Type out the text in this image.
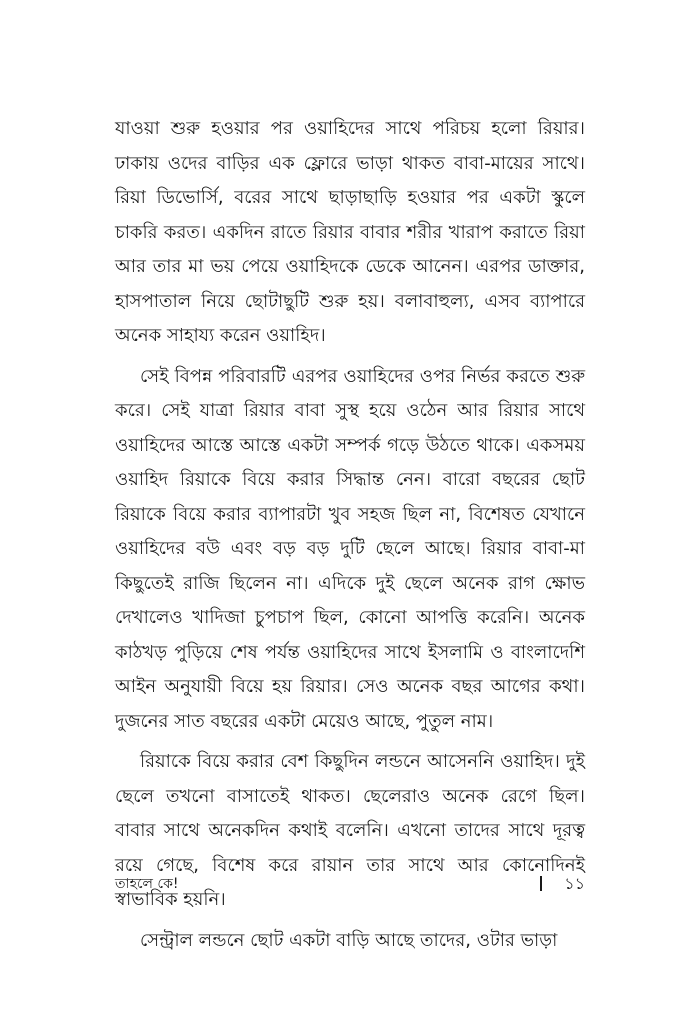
যাওয়া শুরু হওয়ার পর ওয়াহিদের সাথে পরিচয় হলো রিয়ার। ঢাকায় ওদের বাড়ির এক ফ্লোরে ভাড়া থাকত বাবা-মায়ের সাথে। রিয়া ডিভোর্সি, বরের সাথে ছাড়াছাড়ি হওয়ার পর একটা স্কুলে চাকরি করত। একদিন রাতে রিয়ার বাবার শরীর খারাপ করাতে রিয়া আর তার মা ভয় পেয়ে ওয়াহিদকে ডেকে আনেন। এরপর ডাক্তার, হাসপাতাল নিয়ে ছোটাছুটি শুরু হয়। বলাবাহুল্য, এসব ব্যাপারে অনেক সাহায্য করেন ওয়াহিদ।

সেই বিপন্ন পরিবারটি এরপর ওয়াহিদের ওপর নির্ভর করতে শুরু করে। সেই যাত্রা রিয়ার বাবা সুস্থ হয়ে ওঠেন আর রিয়ার সাথে ওয়াহিদের আস্তে আস্তে একটা সম্পর্ক গড়ে উঠতে থাকে। একসময় ওয়াহিদ রিয়াকে বিয়ে করার সিদ্ধান্ত নেন। বারো বছরের ছোট রিয়াকে বিয়ে করার ব্যাপারটা খুব সহজ ছিল না, বিশেষত যেখানে ওয়াহিদের বউ এবং বড় বড় দুটি ছেলে আছে। রিয়ার বাবা-মা কিছুতেই রাজি ছিলেন না। এদিকে দুই ছেলে অনেক রাগ ক্ষোভ দেখালেও খাদিজা চুপচাপ ছিল, কোনো আপত্তি করেনি। অনেক কাঠখড় পুড়িয়ে শেষ পর্যন্ত ওয়াহিদের সাথে ইসলামি ও বাংলাদেশি আইন অনুযায়ী বিয়ে হয় রিয়ার। সেও অনেক বছর আগের কথা। দুজনের সাত বছরের একটা মেয়েও আছে, পুতুল নাম।

রিয়াকে বিয়ে করার বেশ কিছুদিন লন্ডনে আসেননি ওয়াহিদ। দুই ছেলে তখনো বাসাতেই থাকত। ছেলেরাও অনেক রেগে ছিল। বাবার সাথে অনেকদিন কথাই বলেনি। এখনো তাদের সাথে দূরত্ব রয়ে গেছে, বিশেষ করে রায়ান তার সাথে আর কোনোদিনই স্বাভাবিক হয়নি।

সেন্ট্রাল লন্ডনে ছোট একটা বাড়ি আছে তাদের, ওটার ভাড়া

তাহলে কে!	১১
